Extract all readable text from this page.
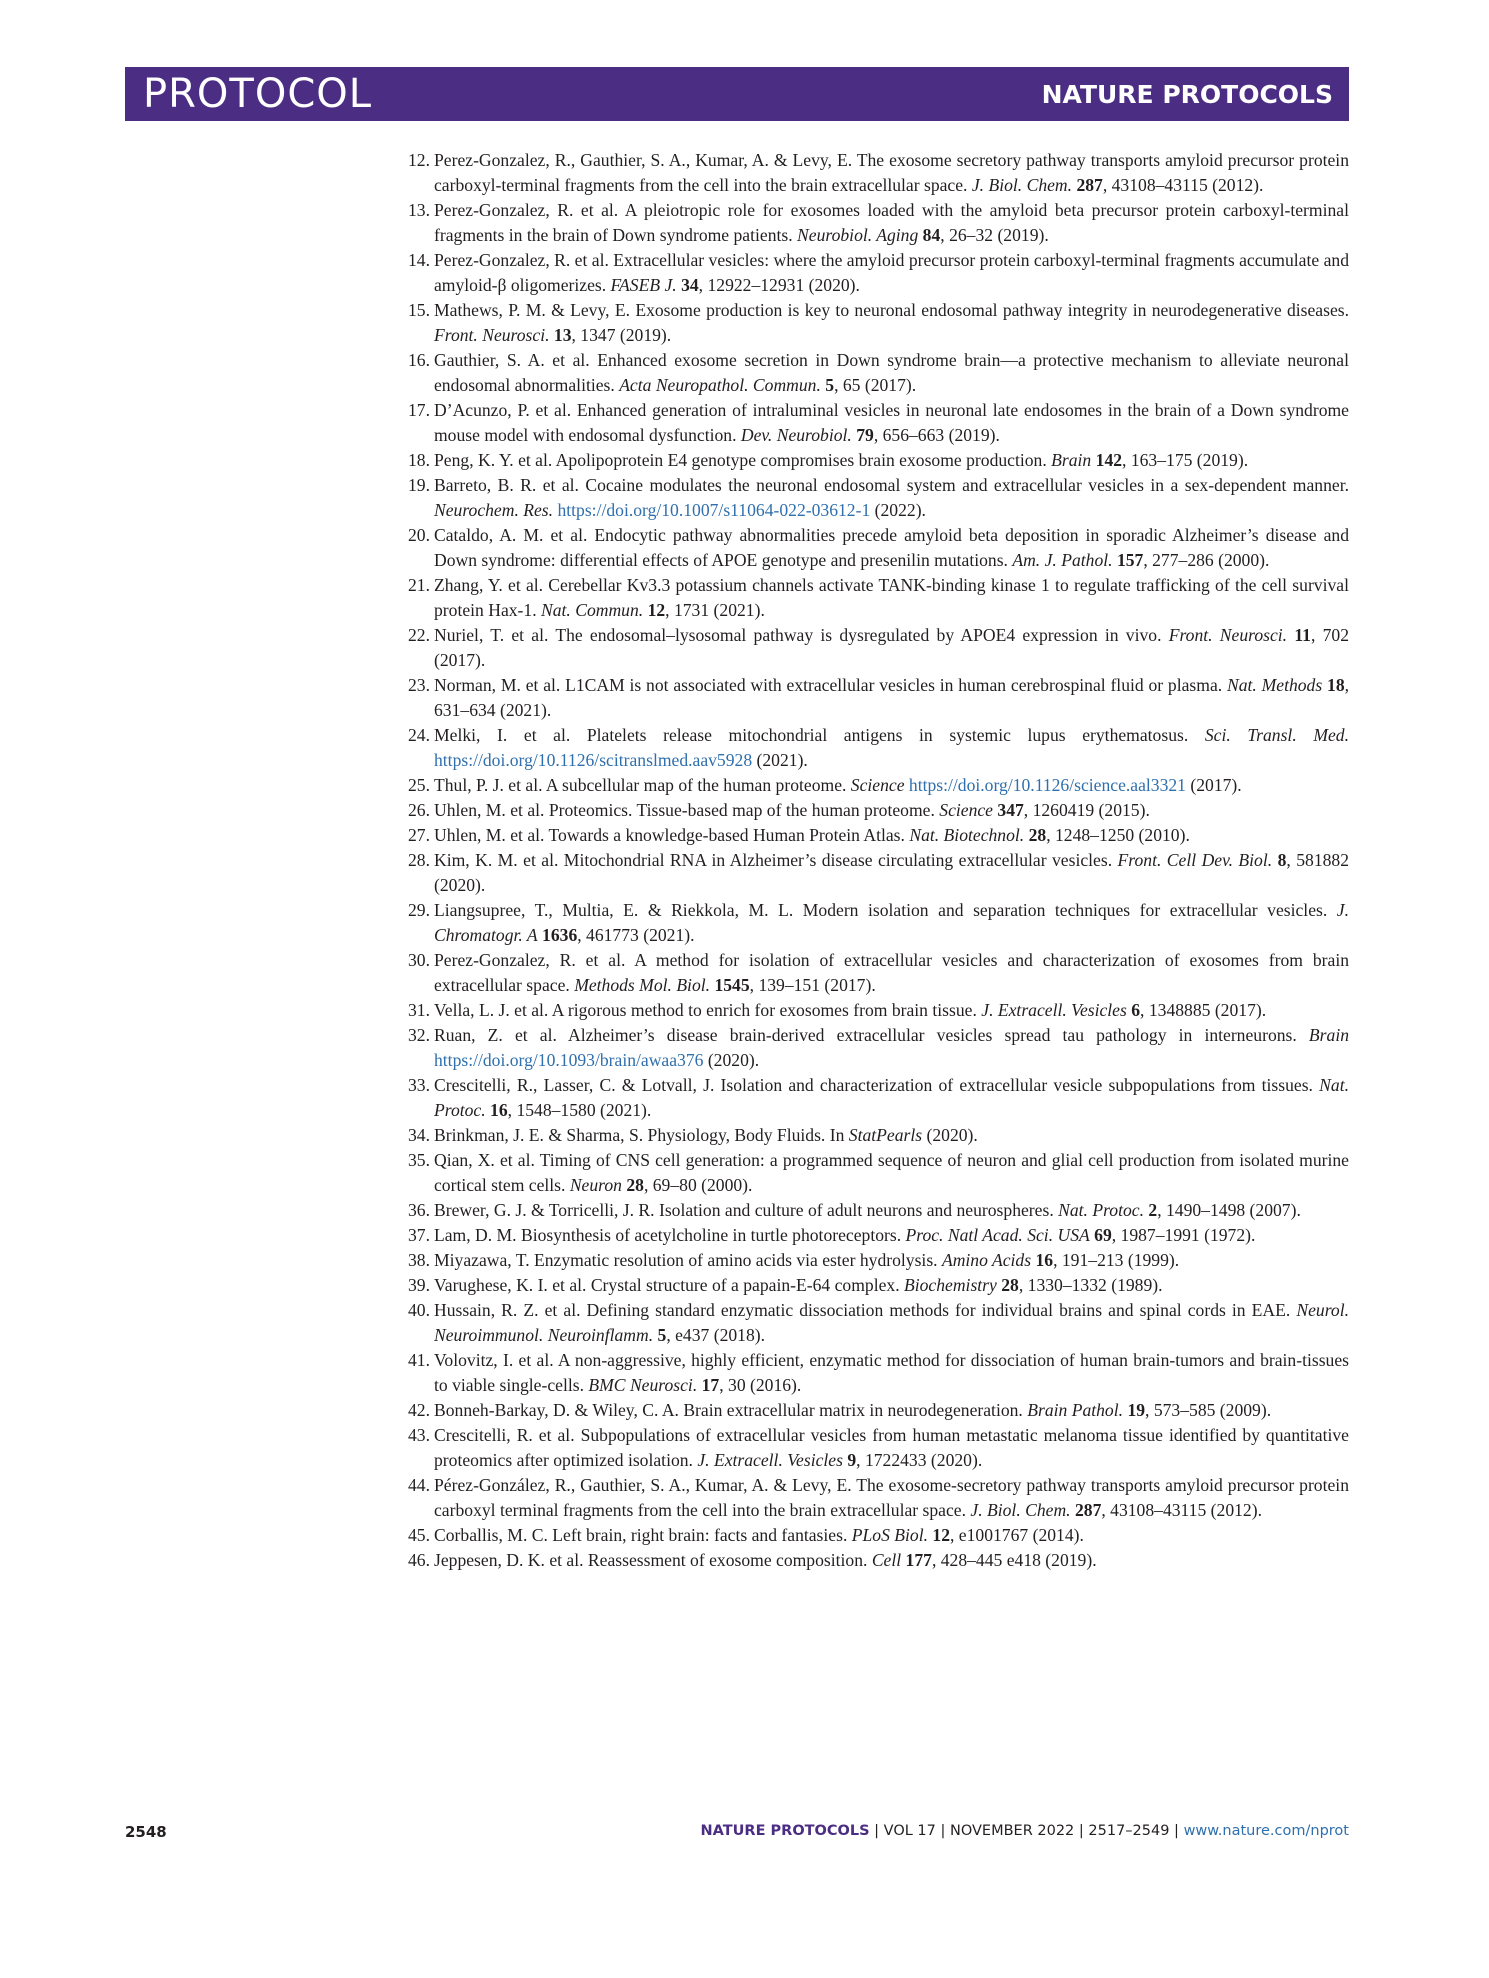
PROTOCOL	NATURE PROTOCOLS
12. Perez-Gonzalez, R., Gauthier, S. A., Kumar, A. & Levy, E. The exosome secretory pathway transports amyloid precursor protein carboxyl-terminal fragments from the cell into the brain extracellular space. J. Biol. Chem. 287, 43108–43115 (2012).
13. Perez-Gonzalez, R. et al. A pleiotropic role for exosomes loaded with the amyloid beta precursor protein carboxyl-terminal fragments in the brain of Down syndrome patients. Neurobiol. Aging 84, 26–32 (2019).
14. Perez-Gonzalez, R. et al. Extracellular vesicles: where the amyloid precursor protein carboxyl-terminal fragments accumulate and amyloid-β oligomerizes. FASEB J. 34, 12922–12931 (2020).
15. Mathews, P. M. & Levy, E. Exosome production is key to neuronal endosomal pathway integrity in neurodegenerative diseases. Front. Neurosci. 13, 1347 (2019).
16. Gauthier, S. A. et al. Enhanced exosome secretion in Down syndrome brain—a protective mechanism to alleviate neuronal endosomal abnormalities. Acta Neuropathol. Commun. 5, 65 (2017).
17. D’Acunzo, P. et al. Enhanced generation of intraluminal vesicles in neuronal late endosomes in the brain of a Down syndrome mouse model with endosomal dysfunction. Dev. Neurobiol. 79, 656–663 (2019).
18. Peng, K. Y. et al. Apolipoprotein E4 genotype compromises brain exosome production. Brain 142, 163–175 (2019).
19. Barreto, B. R. et al. Cocaine modulates the neuronal endosomal system and extracellular vesicles in a sex-dependent manner. Neurochem. Res. https://doi.org/10.1007/s11064-022-03612-1 (2022).
20. Cataldo, A. M. et al. Endocytic pathway abnormalities precede amyloid beta deposition in sporadic Alzheimer’s disease and Down syndrome: differential effects of APOE genotype and presenilin mutations. Am. J. Pathol. 157, 277–286 (2000).
21. Zhang, Y. et al. Cerebellar Kv3.3 potassium channels activate TANK-binding kinase 1 to regulate trafficking of the cell survival protein Hax-1. Nat. Commun. 12, 1731 (2021).
22. Nuriel, T. et al. The endosomal–lysosomal pathway is dysregulated by APOE4 expression in vivo. Front. Neurosci. 11, 702 (2017).
23. Norman, M. et al. L1CAM is not associated with extracellular vesicles in human cerebrospinal fluid or plasma. Nat. Methods 18, 631–634 (2021).
24. Melki, I. et al. Platelets release mitochondrial antigens in systemic lupus erythematosus. Sci. Transl. Med. https://doi.org/10.1126/scitranslmed.aav5928 (2021).
25. Thul, P. J. et al. A subcellular map of the human proteome. Science https://doi.org/10.1126/science.aal3321 (2017).
26. Uhlen, M. et al. Proteomics. Tissue-based map of the human proteome. Science 347, 1260419 (2015).
27. Uhlen, M. et al. Towards a knowledge-based Human Protein Atlas. Nat. Biotechnol. 28, 1248–1250 (2010).
28. Kim, K. M. et al. Mitochondrial RNA in Alzheimer’s disease circulating extracellular vesicles. Front. Cell Dev. Biol. 8, 581882 (2020).
29. Liangsupree, T., Multia, E. & Riekkola, M. L. Modern isolation and separation techniques for extracellular vesicles. J. Chromatogr. A 1636, 461773 (2021).
30. Perez-Gonzalez, R. et al. A method for isolation of extracellular vesicles and characterization of exosomes from brain extracellular space. Methods Mol. Biol. 1545, 139–151 (2017).
31. Vella, L. J. et al. A rigorous method to enrich for exosomes from brain tissue. J. Extracell. Vesicles 6, 1348885 (2017).
32. Ruan, Z. et al. Alzheimer’s disease brain-derived extracellular vesicles spread tau pathology in interneurons. Brain https://doi.org/10.1093/brain/awaa376 (2020).
33. Crescitelli, R., Lasser, C. & Lotvall, J. Isolation and characterization of extracellular vesicle subpopulations from tissues. Nat. Protoc. 16, 1548–1580 (2021).
34. Brinkman, J. E. & Sharma, S. Physiology, Body Fluids. In StatPearls (2020).
35. Qian, X. et al. Timing of CNS cell generation: a programmed sequence of neuron and glial cell production from isolated murine cortical stem cells. Neuron 28, 69–80 (2000).
36. Brewer, G. J. & Torricelli, J. R. Isolation and culture of adult neurons and neurospheres. Nat. Protoc. 2, 1490–1498 (2007).
37. Lam, D. M. Biosynthesis of acetylcholine in turtle photoreceptors. Proc. Natl Acad. Sci. USA 69, 1987–1991 (1972).
38. Miyazawa, T. Enzymatic resolution of amino acids via ester hydrolysis. Amino Acids 16, 191–213 (1999).
39. Varughese, K. I. et al. Crystal structure of a papain-E-64 complex. Biochemistry 28, 1330–1332 (1989).
40. Hussain, R. Z. et al. Defining standard enzymatic dissociation methods for individual brains and spinal cords in EAE. Neurol. Neuroimmunol. Neuroinflamm. 5, e437 (2018).
41. Volovitz, I. et al. A non-aggressive, highly efficient, enzymatic method for dissociation of human brain-tumors and brain-tissues to viable single-cells. BMC Neurosci. 17, 30 (2016).
42. Bonneh-Barkay, D. & Wiley, C. A. Brain extracellular matrix in neurodegeneration. Brain Pathol. 19, 573–585 (2009).
43. Crescitelli, R. et al. Subpopulations of extracellular vesicles from human metastatic melanoma tissue identified by quantitative proteomics after optimized isolation. J. Extracell. Vesicles 9, 1722433 (2020).
44. Pérez-González, R., Gauthier, S. A., Kumar, A. & Levy, E. The exosome-secretory pathway transports amyloid precursor protein carboxyl terminal fragments from the cell into the brain extracellular space. J. Biol. Chem. 287, 43108–43115 (2012).
45. Corballis, M. C. Left brain, right brain: facts and fantasies. PLoS Biol. 12, e1001767 (2014).
46. Jeppesen, D. K. et al. Reassessment of exosome composition. Cell 177, 428–445 e418 (2019).
2548	NATURE PROTOCOLS | VOL 17 | NOVEMBER 2022 | 2517–2549 | www.nature.com/nprot
